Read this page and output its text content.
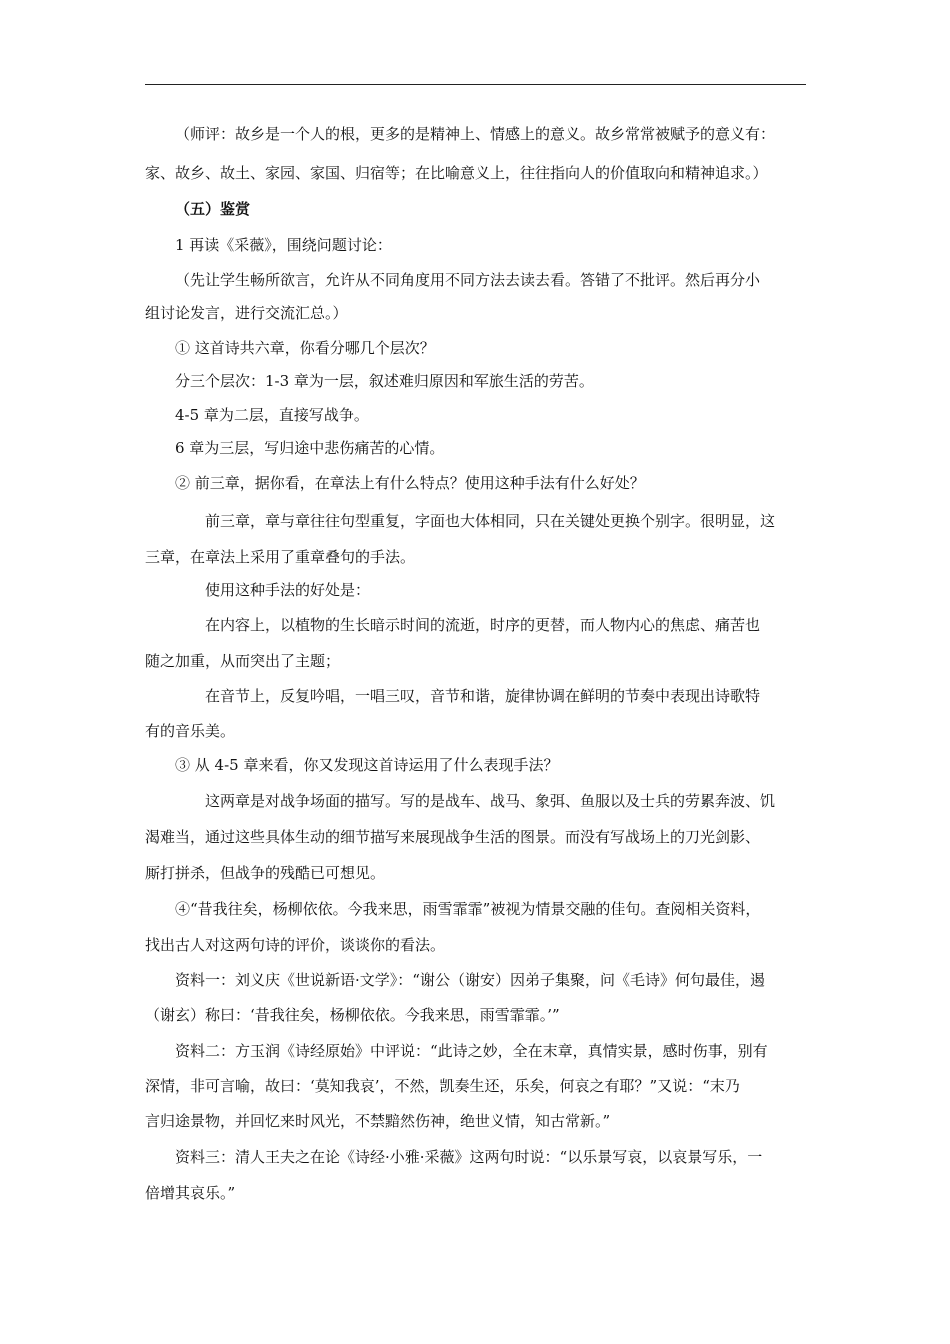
（师评：故乡是一个人的根，更多的是精神上、情感上的意义。故乡常常被赋予的意义有：
家、故乡、故土、家园、家国、归宿等；在比喻意义上，往往指向人的价值取向和精神追求。）
（五）鉴赏
1 再读《采薇》，围绕问题讨论：
（先让学生畅所欲言，允许从不同角度用不同方法去读去看。答错了不批评。然后再分小
组讨论发言，进行交流汇总。）
① 这首诗共六章，你看分哪几个层次？
分三个层次：1-3 章为一层，叙述难归原因和军旅生活的劳苦。
4-5 章为二层，直接写战争。
6 章为三层，写归途中悲伤痛苦的心情。
② 前三章，据你看，在章法上有什么特点？使用这种手法有什么好处？
前三章，章与章往往句型重复，字面也大体相同，只在关键处更换个别字。很明显，这
三章，在章法上采用了重章叠句的手法。
使用这种手法的好处是：
在内容上，以植物的生长暗示时间的流逝，时序的更替，而人物内心的焦虑、痛苦也
随之加重，从而突出了主题；
在音节上，反复吟唱，一唱三叹，音节和谐，旋律协调在鲜明的节奏中表现出诗歌特
有的音乐美。
③ 从 4-5 章来看，你又发现这首诗运用了什么表现手法？
这两章是对战争场面的描写。写的是战车、战马、象弭、鱼服以及士兵的劳累奔波、饥
渴难当，通过这些具体生动的细节描写来展现战争生活的图景。而没有写战场上的刀光剑影、
厮打拼杀，但战争的残酷已可想见。
④“昔我往矣，杨柳依依。今我来思，雨雪霏霏”被视为情景交融的佳句。查阅相关资料，
找出古人对这两句诗的评价，谈谈你的看法。
资料一：刘义庆《世说新语·文学》：“谢公（谢安）因弟子集聚，问《毛诗》何句最佳，遏
（谢玄）称曰：‘昔我往矣，杨柳依依。今我来思，雨雪霏霏。’”
资料二：方玉润《诗经原始》中评说：“此诗之妙，全在末章，真情实景，感时伤事，别有
深情，非可言喻，故曰：‘莫知我哀’，不然，凯奏生还，乐矣，何哀之有耶？”又说：“末乃
言归途景物，并回忆来时风光，不禁黯然伤神，绝世义情，知古常新。”
资料三：清人王夫之在论《诗经·小雅·采薇》这两句时说：“以乐景写哀，以哀景写乐，一
倍增其哀乐。”
